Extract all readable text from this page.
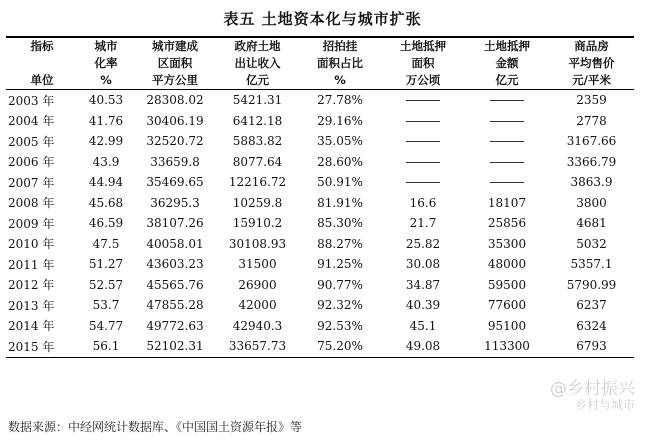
表五 土地资本化与城市扩张
指标	城市	城市建成	政府土地	招拍挂	土地抵押	土地抵押	商品房
	化率	区面积	出让收入	面积占比	面积	金额	平均售价
单位	%	平方公里	亿元	%	万公顷	亿元	元/平米
2003 年	40.53	28308.02	5421.31	27.78%			2359
2004 年	41.76	30406.19	6412.18	29.16%			2778
2005 年	42.99	32520.72	5883.82	35.05%			3167.66
2006 年	43.9	33659.8	8077.64	28.60%			3366.79
2007 年	44.94	35469.65	12216.72	50.91%			3863.9
2008 年	45.68	36295.3	10259.8	81.91%	16.6	18107	3800
2009 年	46.59	38107.26	15910.2	85.30%	21.7	25856	4681
2010 年	47.5	40058.01	30108.93	88.27%	25.82	35300	5032
2011 年	51.27	43603.23	31500	91.25%	30.08	48000	5357.1
2012 年	52.57	45565.76	26900	90.77%	34.87	59500	5790.99
2013 年	53.7	47855.28	42000	92.32%	40.39	77600	6237
2014 年	54.77	49772.63	42940.3	92.53%	45.1	95100	6324
2015 年	56.1	52102.31	33657.73	75.20%	49.08	113300	6793
数据来源：中经网统计数据库、《中国国土资源年报》等
@乡村振兴
乡村与城市
